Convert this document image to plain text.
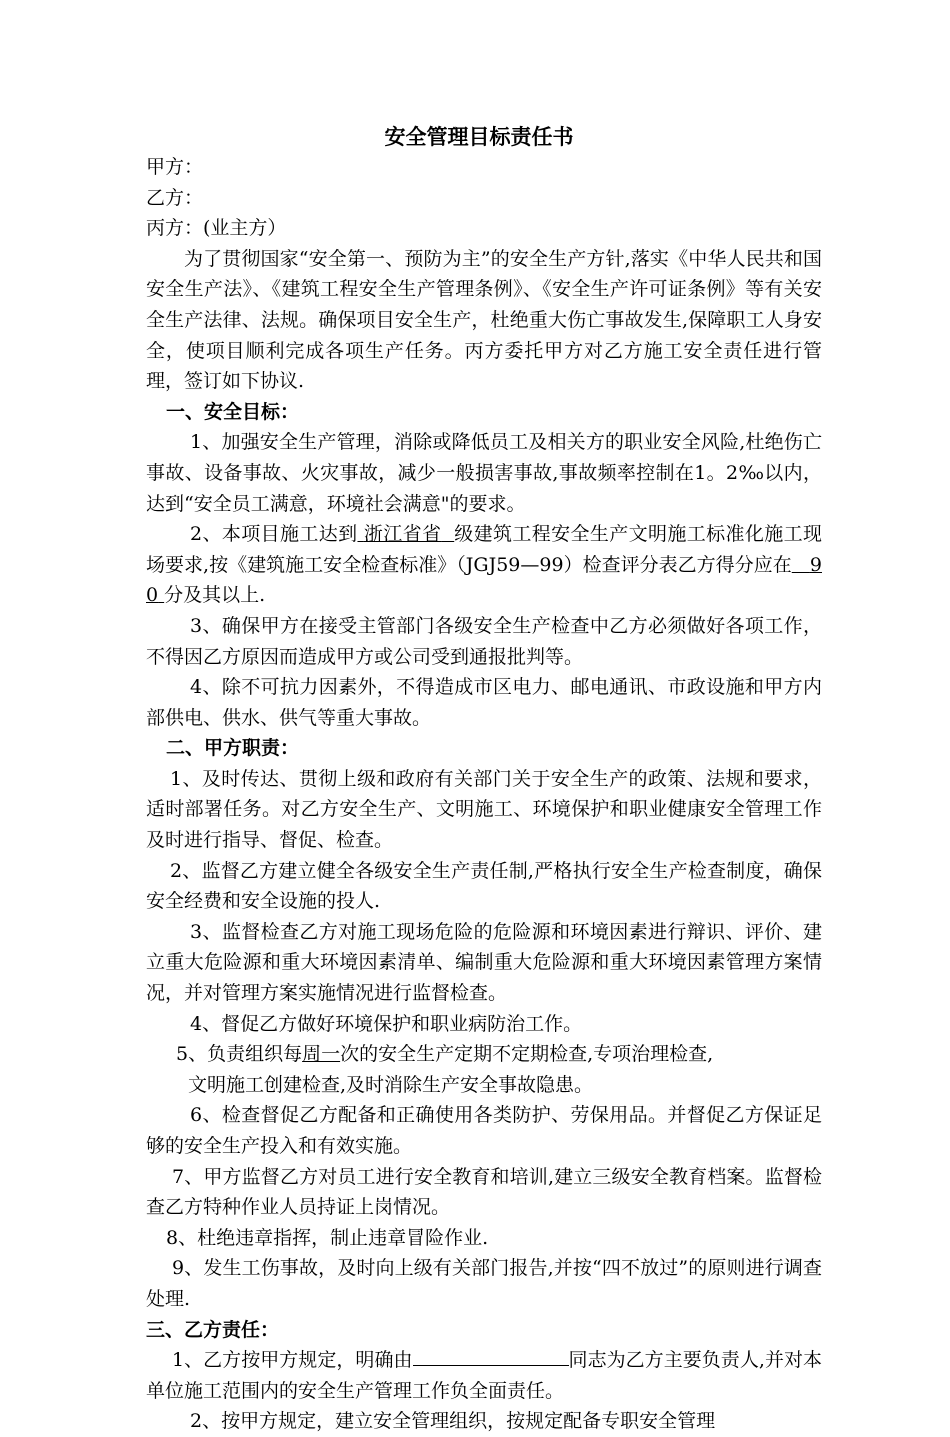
安全管理目标责任书

甲方：

乙方：

丙方：(业主方）

为了贯彻国家“安全第一、预防为主”的安全生产方针,落实《中华人民共和国安全生产法》、《建筑工程安全生产管理条例》、《安全生产许可证条例》等有关安全生产法律、法规。确保项目安全生产，杜绝重大伤亡事故发生,保障职工人身安全，使项目顺利完成各项生产任务。丙方委托甲方对乙方施工安全责任进行管理，签订如下协议.

一、安全目标：

1、加强安全生产管理，消除或降低员工及相关方的职业安全风险,杜绝伤亡事故、设备事故、火灾事故，减少一般损害事故,事故频率控制在1。2‰以内，达到“安全员工满意，环境社会满意"的要求。

2、本项目施工达到 浙江省省 级建筑工程安全生产文明施工标准化施工现场要求,按《建筑施工安全检查标准》（JGJ59—99）检查评分表乙方得分应在 90 分及其以上.

3、确保甲方在接受主管部门各级安全生产检查中乙方必须做好各项工作，不得因乙方原因而造成甲方或公司受到通报批判等。

4、除不可抗力因素外，不得造成市区电力、邮电通讯、市政设施和甲方内部供电、供水、供气等重大事故。

二、甲方职责：

1、及时传达、贯彻上级和政府有关部门关于安全生产的政策、法规和要求，适时部署任务。对乙方安全生产、文明施工、环境保护和职业健康安全管理工作及时进行指导、督促、检查。

2、监督乙方建立健全各级安全生产责任制,严格执行安全生产检查制度，确保安全经费和安全设施的投人.

3、监督检查乙方对施工现场危险的危险源和环境因素进行辩识、评价、建立重大危险源和重大环境因素清单、编制重大危险源和重大环境因素管理方案情况，并对管理方案实施情况进行监督检查。

4、督促乙方做好环境保护和职业病防治工作。

5、负责组织每周一次的安全生产定期不定期检查,专项治理检查,
文明施工创建检查,及时消除生产安全事故隐患。

6、检查督促乙方配备和正确使用各类防护、劳保用品。并督促乙方保证足够的安全生产投入和有效实施。

7、甲方监督乙方对员工进行安全教育和培训,建立三级安全教育档案。监督检查乙方特种作业人员持证上岗情况。

8、杜绝违章指挥，制止违章冒险作业.

9、发生工伤事故，及时向上级有关部门报告,并按“四不放过”的原则进行调查处理.

三、乙方责任：

1、乙方按甲方规定，明确由	同志为乙方主要负责人,并对本单位施工范围内的安全生产管理工作负全面责任。

2、按甲方规定，建立安全管理组织，按规定配备专职安全管理
